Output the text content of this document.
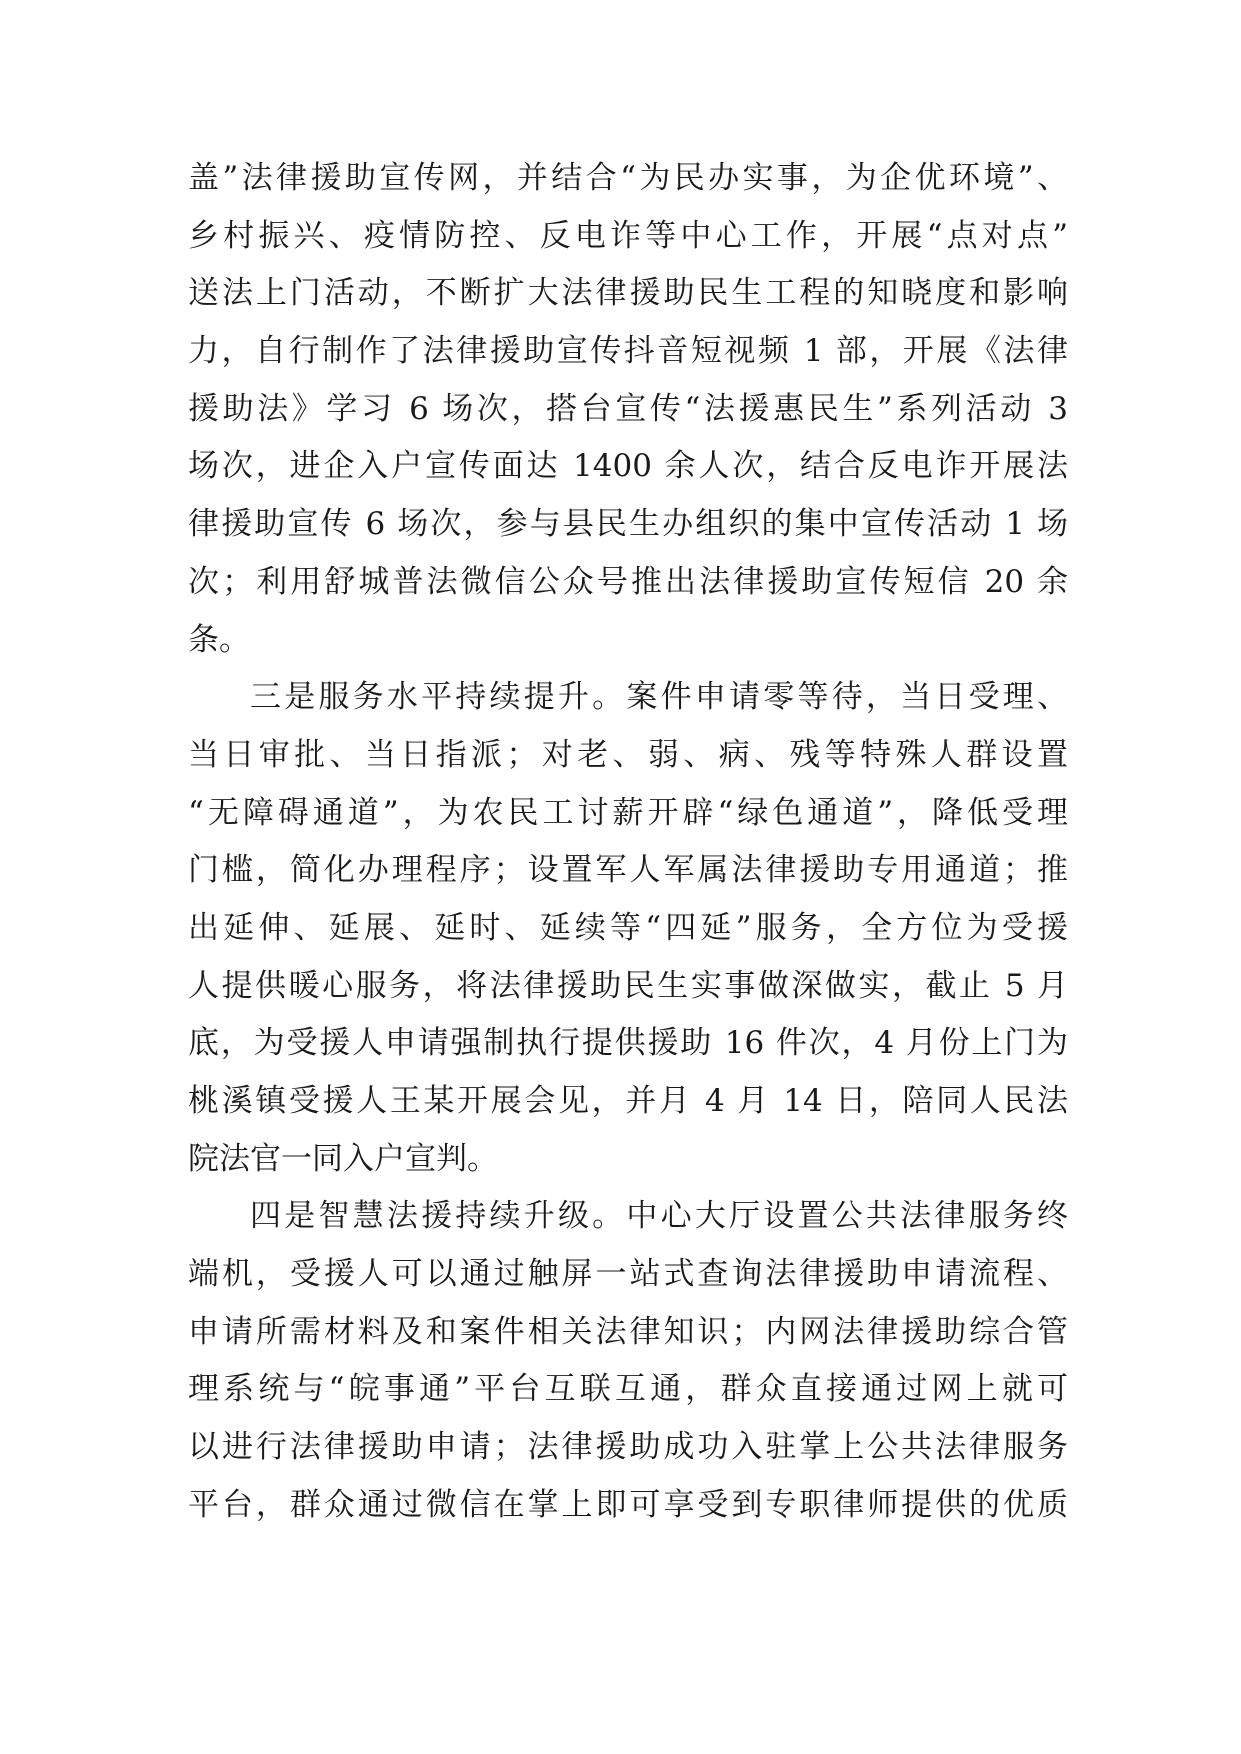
盖”法律援助宣传网，并结合“为民办实事，为企优环境”、
乡村振兴、疫情防控、反电诈等中心工作，开展“点对点”
送法上门活动，不断扩大法律援助民生工程的知晓度和影响
力，自行制作了法律援助宣传抖音短视频 1 部，开展《法律
援助法》学习 6 场次，搭台宣传“法援惠民生”系列活动 3
场次，进企入户宣传面达 1400 余人次，结合反电诈开展法
律援助宣传 6 场次，参与县民生办组织的集中宣传活动 1 场
次；利用舒城普法微信公众号推出法律援助宣传短信 20 余
条。
三是服务水平持续提升。案件申请零等待，当日受理、
当日审批、当日指派；对老、弱、病、残等特殊人群设置
“无障碍通道”，为农民工讨薪开辟“绿色通道”，降低受理
门槛，简化办理程序；设置军人军属法律援助专用通道；推
出延伸、延展、延时、延续等“四延”服务，全方位为受援
人提供暖心服务，将法律援助民生实事做深做实，截止 5 月
底，为受援人申请强制执行提供援助 16 件次，4 月份上门为
桃溪镇受援人王某开展会见，并月 4 月 14 日，陪同人民法
院法官一同入户宣判。
四是智慧法援持续升级。中心大厅设置公共法律服务终
端机，受援人可以通过触屏一站式查询法律援助申请流程、
申请所需材料及和案件相关法律知识；内网法律援助综合管
理系统与“皖事通”平台互联互通，群众直接通过网上就可
以进行法律援助申请；法律援助成功入驻掌上公共法律服务
平台，群众通过微信在掌上即可享受到专职律师提供的优质
